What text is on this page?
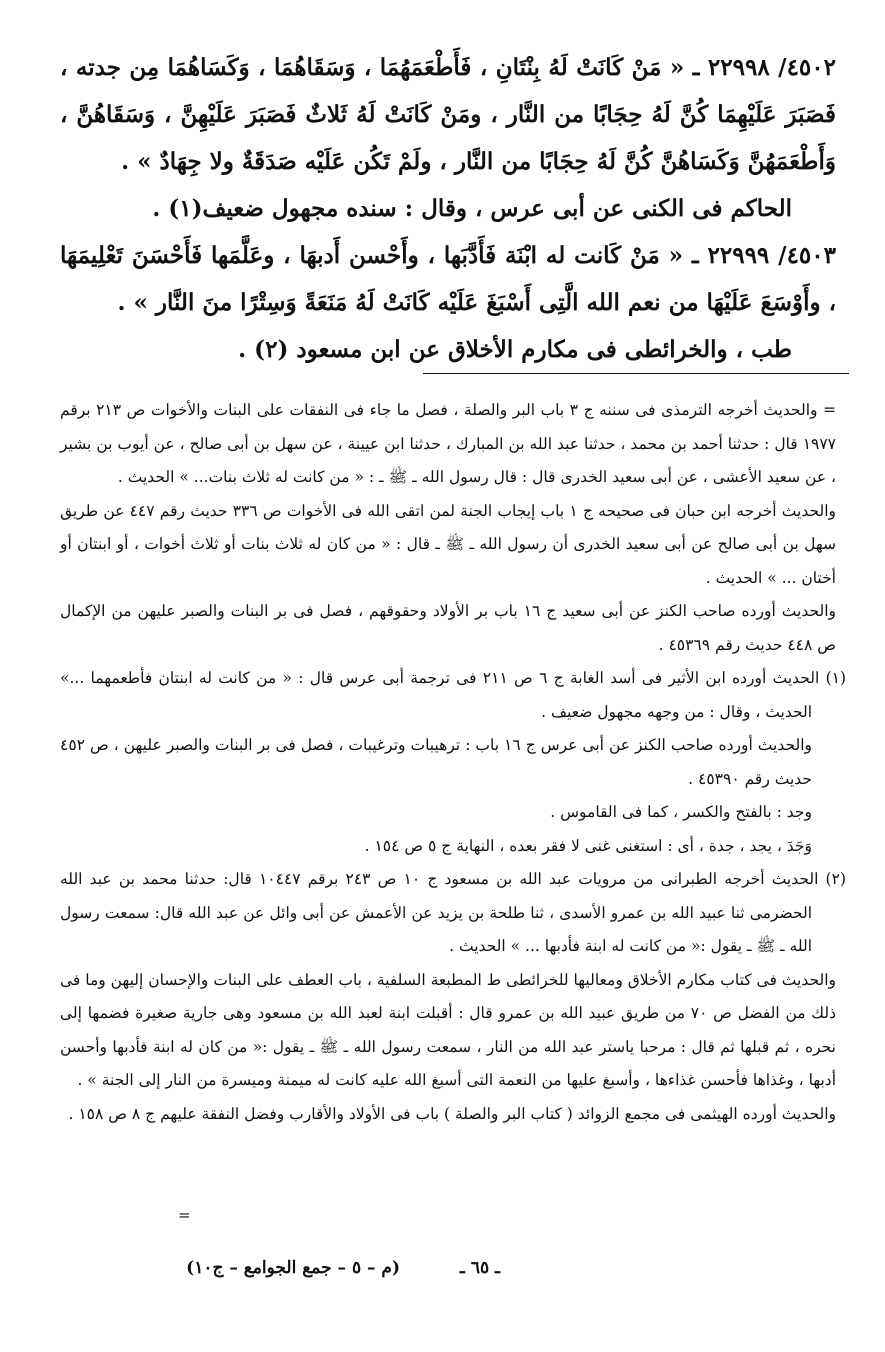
٤٥٠٢/ ٢٢٩٩٨ ـ « مَنْ كَانَتْ لَهُ بِنْتَانِ ، فَأَطْعَمَهُمَا ، وَسَقَاهُمَا ، وَكَسَاهُمَا مِن جدته ، فَصَبَرَ عَلَيْهِمَا كُنَّ لَهُ حِجَابًا من النَّار ، ومَنْ كَانَتْ لَهُ ثَلاثٌ فَصَبَرَ عَلَيْهِنَّ ، وَسَقَاهُنَّ ، وَأَطْعَمَهُنَّ وَكَسَاهُنَّ كُنَّ لَهُ حِجَابًا من النَّار ، ولَمْ تَكُن عَلَيْه صَدَقَةٌ ولا جِهَادٌ » .

الحاكم فى الكنى عن أبى عرس ، وقال : سنده مجهول ضعيف(١) .

٤٥٠٣/ ٢٢٩٩٩ ـ « مَنْ كَانت له ابْنَة فَأَدَّبَها ، وأَحْسن أَدبهَا ، وعَلَّمَها فَأَحْسَنَ تَعْلِيمَهَا ، وأَوْسَعَ عَلَيْهَا من نعم الله الَّتِى أَسْبَغَ عَلَيْه كَانَتْ لَهُ مَنَعَةً وَسِتْرًا منَ النَّار » .

طب ، والخرائطى فى مكارم الأخلاق عن ابن مسعود (٢) .

= والحديث أخرجه الترمذى فى سننه ج ٣ باب البر والصلة ، فصل ما جاء فى النفقات على البنات والأخوات ص ٢١٣ برقم ١٩٧٧ قال : حدثنا أحمد بن محمد ، حدثنا عبد الله بن المبارك ، حدثنا ابن عيينة ، عن سهل بن أبى صالح ، عن أيوب بن بشير ، عن سعيد الأعشى ، عن أبى سعيد الخدرى قال : قال رسول الله ـ ﷺ ـ : « من كانت له ثلاث بنات... » الحديث .

والحديث أخرجه ابن حبان فى صحيحه ج ١ باب إيجاب الجنة لمن اتقى الله فى الأخوات ص ٣٣٦ حديث رقم ٤٤٧ عن طريق سهل بن أبى صالح عن أبى سعيد الخدرى أن رسول الله ـ ﷺ ـ قال : « من كان له ثلاث بنات أو ثلاث أخوات ، أو ابنتان أو أختان ... » الحديث .

والحديث أورده صاحب الكنز عن أبى سعيد ج ١٦ باب بر الأولاد وحقوقهم ، فصل فى بر البنات والصبر عليهن من الإكمال ص ٤٤٨ حديث رقم ٤٥٣٦٩ .

(١) الحديث أورده ابن الأثير فى أسد الغابة ج ٦ ص ٢١١ فى ترجمة أبى عرس قال : « من كانت له ابنتان فأطعمهما ...» الحديث ، وقال : من وجهه مجهول ضعيف .

والحديث أورده صاحب الكنز عن أبى عرس ج ١٦ باب : ترهيبات وترغيبات ، فصل فى بر البنات والصبر عليهن ، ص ٤٥٢ حديث رقم ٤٥٣٩٠ .

وجد : بالفتح والكسر ، كما فى القاموس .

وَجَدَ ، يجد ، جدة ، أى : استغنى غنى لا فقر بعده ، النهاية ج ٥ ص ١٥٤ .

(٢) الحديث أخرجه الطبرانى من مرويات عبد الله بن مسعود ج ١٠ ص ٢٤٣ برقم ١٠٤٤٧ قال: حدثنا محمد بن عبد الله الحضرمى ثنا عبيد الله بن عمرو الأسدى ، ثنا طلحة بن يزيد عن الأعمش عن أبى وائل عن عبد الله قال: سمعت رسول الله ـ ﷺ ـ يقول :« من كانت له ابنة فأدبها ... » الحديث .

والحديث فى كتاب مكارم الأخلاق ومعاليها للخرائطى ط المطبعة السلفية ، باب العطف على البنات والإحسان إليهن وما فى ذلك من الفضل ص ٧٠ من طريق عبيد الله بن عمرو قال : أقبلت ابنة لعبد الله بن مسعود وهى جارية صغيرة فضمها إلى نحره ، ثم قبلها ثم قال : مرحبا ياستر عبد الله من النار ، سمعت رسول الله ـ ﷺ ـ يقول :« من كان له ابنة فأدبها وأحسن أدبها ، وغذاها فأحسن غذاءها ، وأسبغ عليها من النعمة التى أسبغ الله عليه كانت له ميمنة وميسرة من النار إلى الجنة » .

والحديث أورده الهيثمى فى مجمع الزوائد ( كتاب البر والصلة ) باب فى الأولاد والأقارب وفضل النفقة عليهم ج ٨ ص ١٥٨ .

=
ـ ٦٥ ـ
(م – ٥ – جمع الجوامع – ج١٠)
